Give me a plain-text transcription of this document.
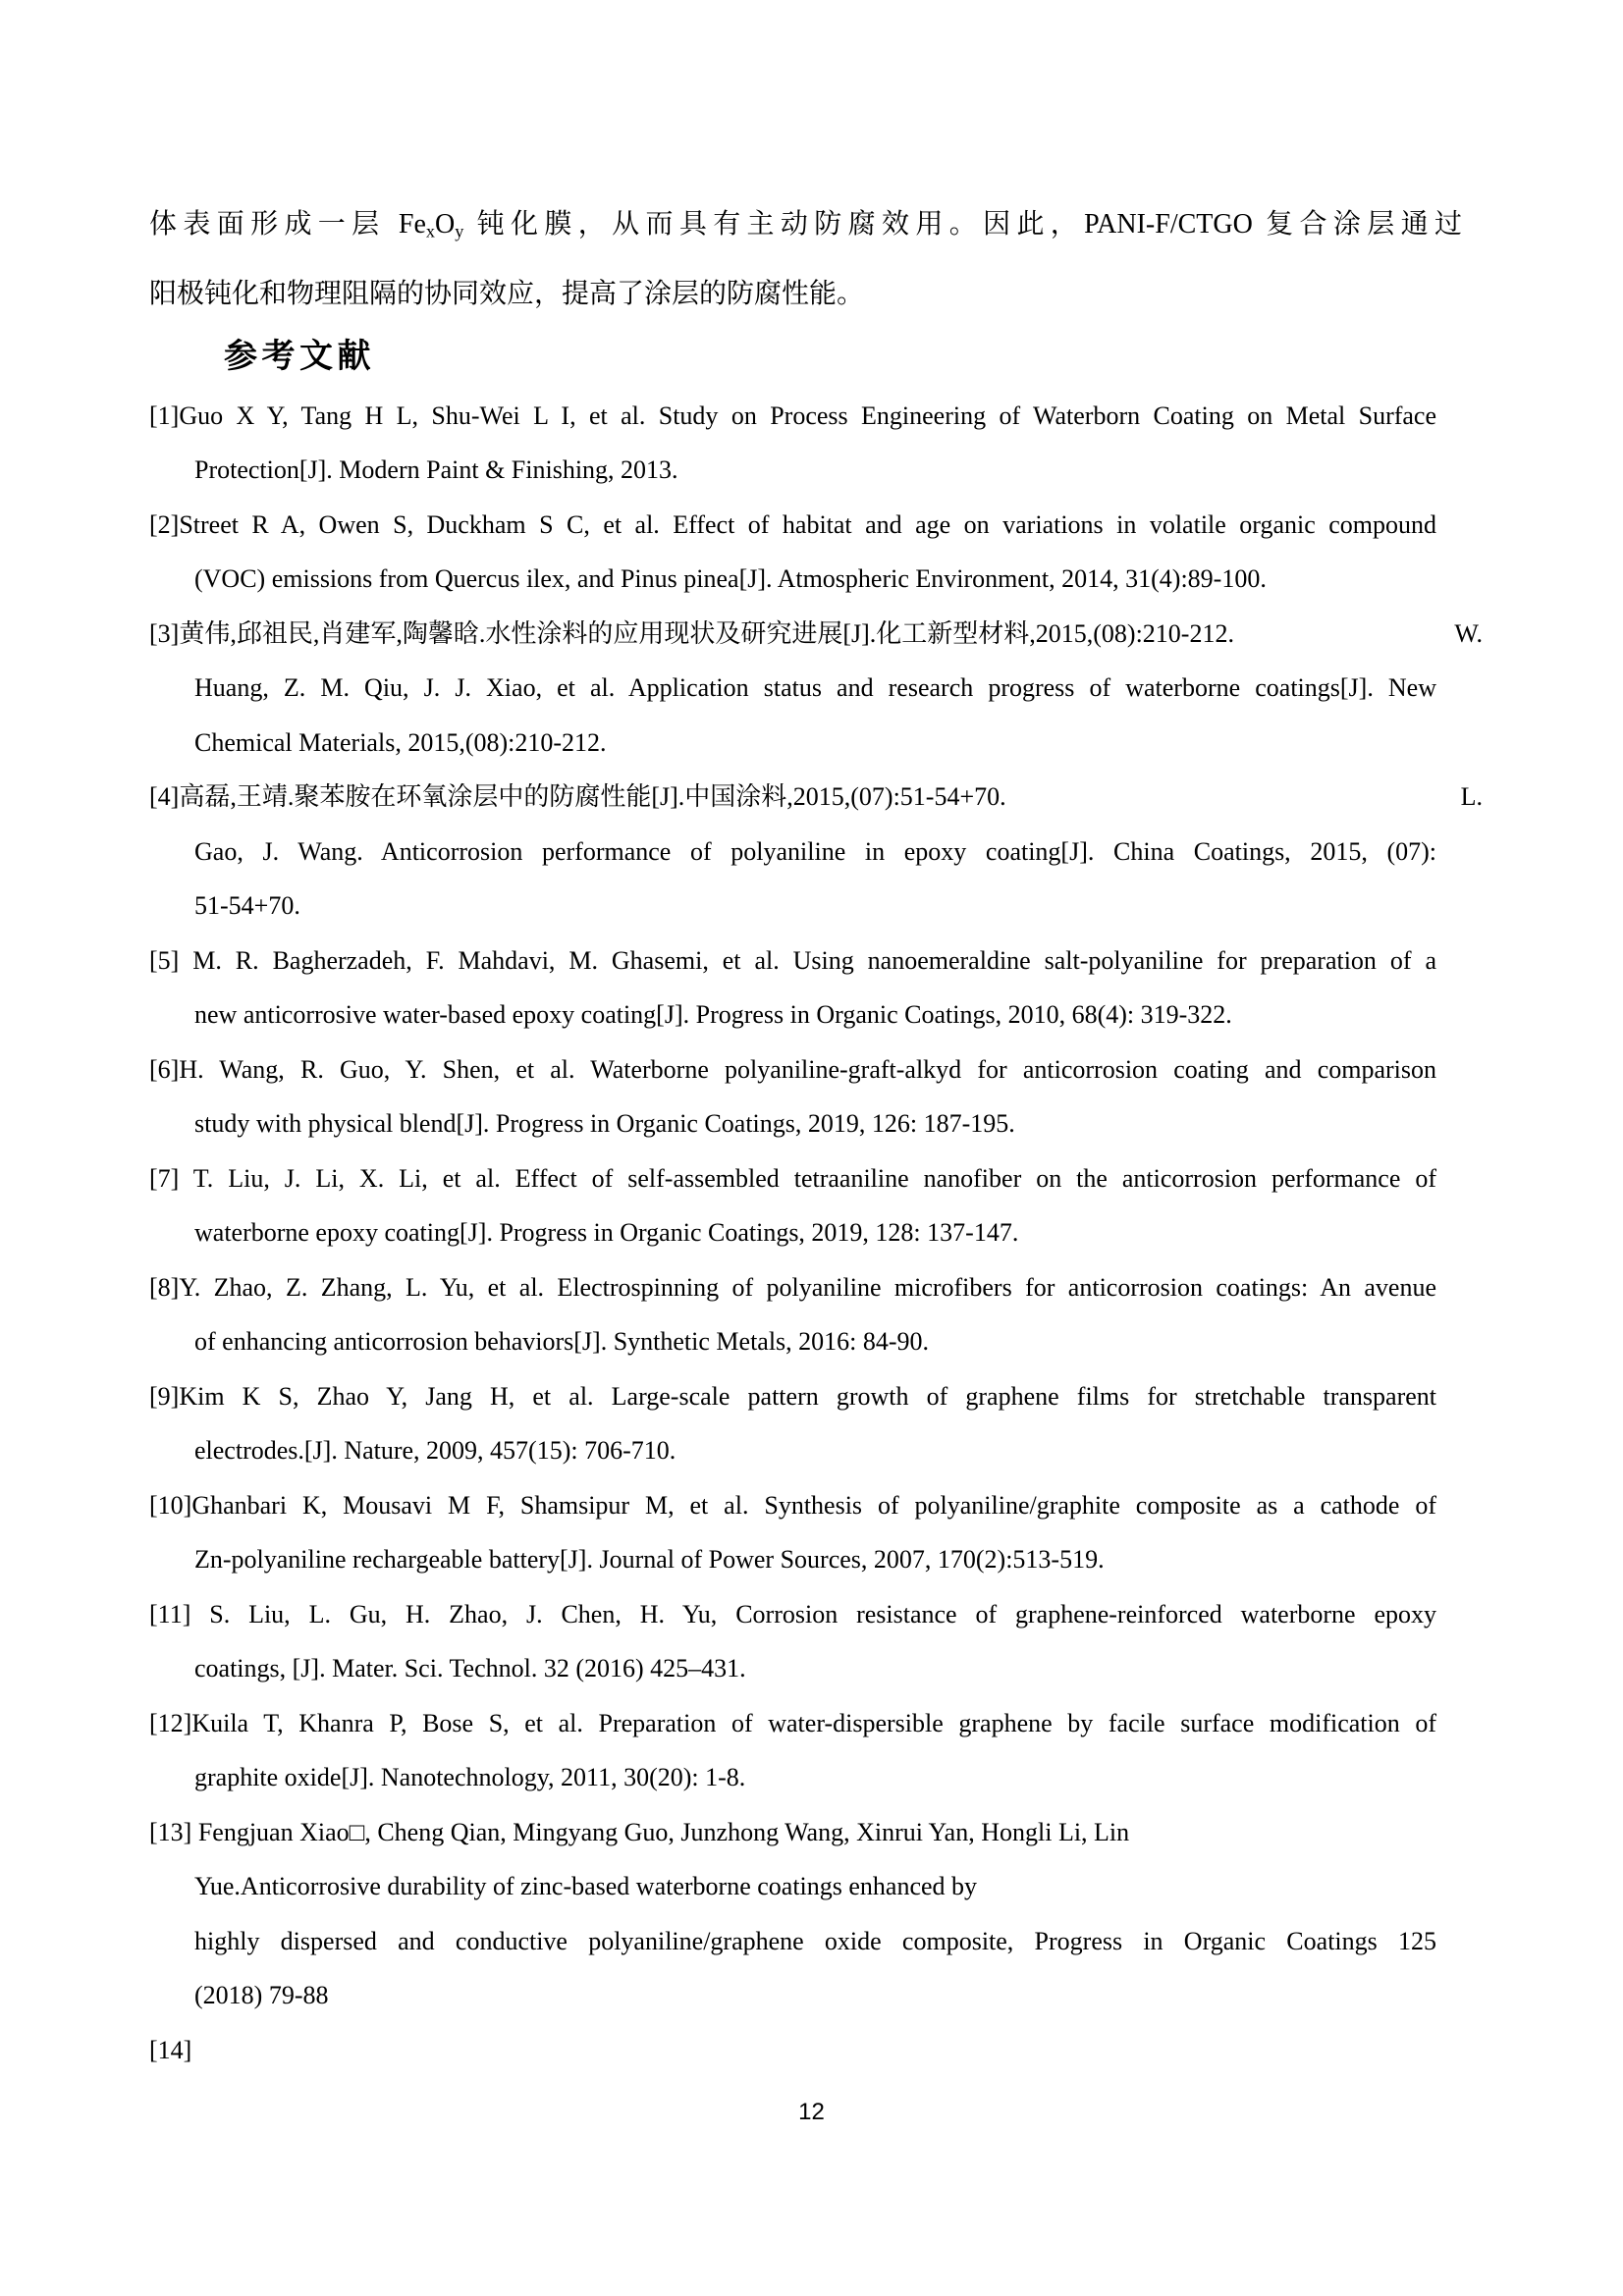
体表面形成一层 $Fe_xO_y$ 钝化膜，从而具有主动防腐效用。因此，PANI-F/CTGO 复合涂层通过

阳极钝化和物理阻隔的协同效应，提高了涂层的防腐性能。

参考文献
[1]Guo X Y, Tang H L, Shu-Wei L I, et al. Study on Process Engineering of Waterborn Coating on Metal Surface
Protection[J]. Modern Paint & Finishing, 2013.
[2]Street R A, Owen S, Duckham S C, et al. Effect of habitat and age on variations in volatile organic compound
(VOC) emissions from Quercus ilex, and Pinus pinea[J]. Atmospheric Environment, 2014, 31(4):89-100.
[3]黄伟,邱祖民,肖建军,陶馨晗.水性涂料的应用现状及研究进展[J].化工新型材料,2015,(08):210-212.	W.
Huang, Z. M. Qiu, J. J. Xiao, et al. Application status and research progress of waterborne coatings[J]. New
Chemical Materials, 2015,(08):210-212.
[4]高磊,王靖.聚苯胺在环氧涂层中的防腐性能[J].中国涂料,2015,(07):51-54+70.	L.
Gao, J. Wang. Anticorrosion performance of polyaniline in epoxy coating[J]. China Coatings, 2015, (07):
51-54+70.
[5] M. R. Bagherzadeh, F. Mahdavi, M. Ghasemi, et al. Using nanoemeraldine salt-polyaniline for preparation of a
new anticorrosive water-based epoxy coating[J]. Progress in Organic Coatings, 2010, 68(4): 319-322.
[6]H. Wang, R. Guo, Y. Shen, et al. Waterborne polyaniline-graft-alkyd for anticorrosion coating and comparison
study with physical blend[J]. Progress in Organic Coatings, 2019, 126: 187-195.
[7] T. Liu, J. Li, X. Li, et al. Effect of self-assembled tetraaniline nanofiber on the anticorrosion performance of
waterborne epoxy coating[J]. Progress in Organic Coatings, 2019, 128: 137-147.
[8]Y. Zhao, Z. Zhang, L. Yu, et al. Electrospinning of polyaniline microfibers for anticorrosion coatings: An avenue
of enhancing anticorrosion behaviors[J]. Synthetic Metals, 2016: 84-90.
[9]Kim K S, Zhao Y, Jang H, et al. Large-scale pattern growth of graphene films for stretchable transparent
electrodes.[J]. Nature, 2009, 457(15): 706-710.
[10]Ghanbari K, Mousavi M F, Shamsipur M, et al. Synthesis of polyaniline/graphite composite as a cathode of
Zn-polyaniline rechargeable battery[J]. Journal of Power Sources, 2007, 170(2):513-519.
[11] S. Liu, L. Gu, H. Zhao, J. Chen, H. Yu, Corrosion resistance of graphene-reinforced waterborne epoxy
coatings, [J]. Mater. Sci. Technol. 32 (2016) 425–431.
[12]Kuila T, Khanra P, Bose S, et al. Preparation of water-dispersible graphene by facile surface modification of
graphite oxide[J]. Nanotechnology, 2011, 30(20): 1-8.
[13] Fengjuan Xiao□, Cheng Qian, Mingyang Guo, Junzhong Wang, Xinrui Yan, Hongli Li, Lin
Yue.Anticorrosive durability of zinc-based waterborne coatings enhanced by
highly dispersed and conductive polyaniline/graphene oxide composite, Progress in Organic Coatings 125
(2018) 79-88
[14]
12
